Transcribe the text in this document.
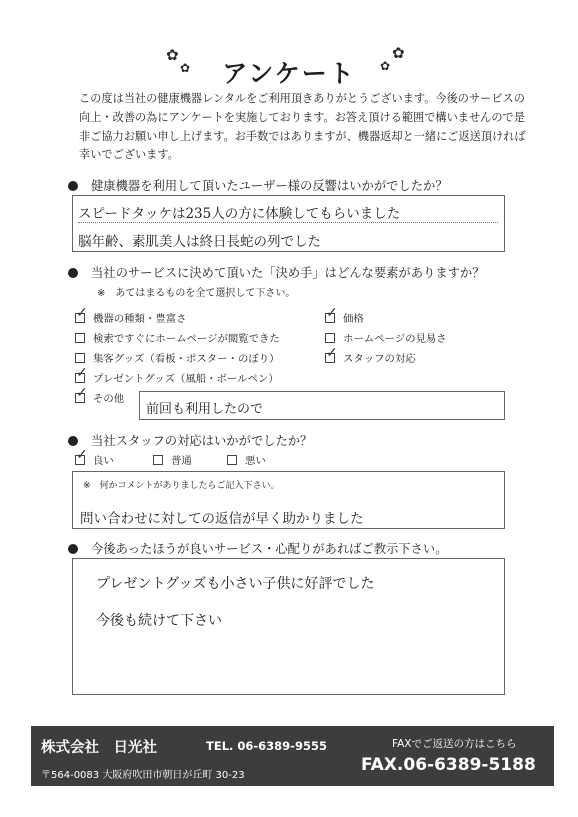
✿
✿
✿
✿
アンケート
この度は当社の健康機器レンタルをご利用頂きありがとうございます。今後のサービスの
向上・改善の為にアンケートを実施しております。お答え頂ける範囲で構いませんので是
非ご協力お願い申し上げます。お手数ではありますが、機器返却と一緒にご返送頂ければ
幸いでございます。
健康機器を利用して頂いたユーザー様の反響はいかがでしたか？
スピードタッケは235人の方に体験してもらいました
脳年齢、素肌美人は終日長蛇の列でした
当社のサービスに決めて頂いた「決め手」はどんな要素がありますか？
※　あてはまるものを全て選択して下さい。
✓ 機器の種類・豊富さ
検索ですぐにホームページが閲覧できた
集客グッズ（看板・ポスター・のぼり）
✓ プレゼントグッズ（風船・ボールペン）
✓ その他
✓ 価格
ホームページの見易さ
✓ スタッフの対応
前回も利用したので
当社スタッフの対応はいかがでしたか？
✓ 良い	普通	悪い
※　何かコメントがありましたらご記入下さい。
問い合わせに対しての返信が早く助かりました
今後あったほうが良いサービス・心配りがあればご教示下さい。
プレゼントグッズも小さい子供に好評でした
今後も続けて下さい
株式会社　日光社	TEL. 06-6389-9555
〒564-0083 大阪府吹田市朝日が丘町 30-23
FAXでご返送の方はこちら
FAX.06-6389-5188
